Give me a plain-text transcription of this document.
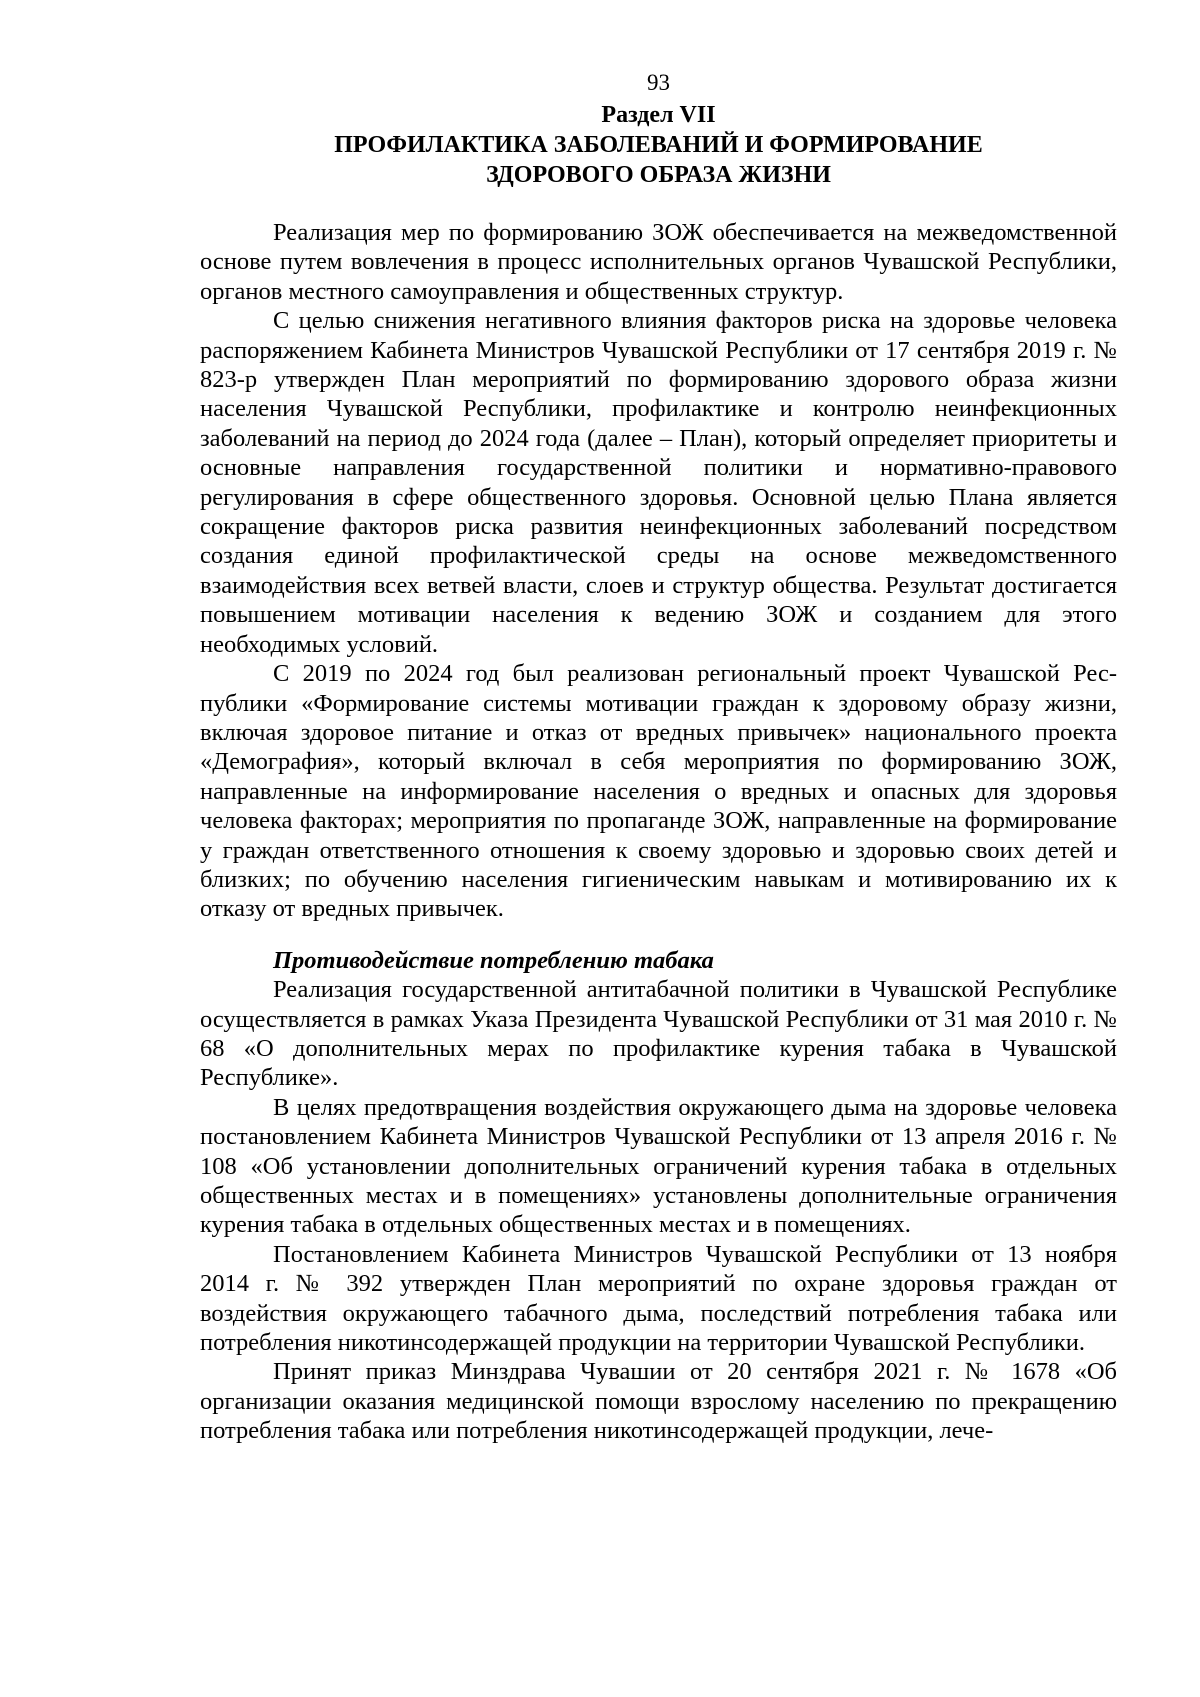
93
Раздел VII
ПРОФИЛАКТИКА ЗАБОЛЕВАНИЙ И ФОРМИРОВАНИЕ
ЗДОРОВОГО ОБРАЗА ЖИЗНИ

Реализация мер по формированию ЗОЖ обеспечивается на межведомственной основе путем вовлечения в процесс исполнительных органов Чувашской Республики, органов местного самоуправления и общественных структур.

С целью снижения негативного влияния факторов риска на здоровье человека распоряжением Кабинета Министров Чувашской Республики от 17 сентября 2019 г. № 823-р утвержден План мероприятий по формированию здорового образа жизни населения Чувашской Республики, профилактике и контролю неинфекционных заболеваний на период до 2024 года (далее – План), который определяет приоритеты и основные направления государственной политики и нормативно-правового регулирования в сфере общественного здоровья. Основной целью Плана является сокращение факторов риска развития неинфекционных заболеваний посредством создания единой профилактической среды на основе межведомственного взаимодействия всех ветвей власти, слоев и структур общества. Результат достигается повышением мотивации населения к ведению ЗОЖ и созданием для этого необходимых условий.

С 2019 по 2024 год был реализован региональный проект Чувашской Республики «Формирование системы мотивации граждан к здоровому образу жизни, включая здоровое питание и отказ от вредных привычек» национального проекта «Демография», который включал в себя мероприятия по формированию ЗОЖ, направленные на информирование населения о вредных и опасных для здоровья человека факторах; мероприятия по пропаганде ЗОЖ, направленные на формирование у граждан ответственного отношения к своему здоровью и здоровью своих детей и близких; по обучению населения гигиеническим навыкам и мотивированию их к отказу от вредных привычек.

Противодействие потреблению табака

Реализация государственной антитабачной политики в Чувашской Республике осуществляется в рамках Указа Президента Чувашской Республики от 31 мая 2010 г. № 68 «О дополнительных мерах по профилактике курения табака в Чувашской Республике».

В целях предотвращения воздействия окружающего дыма на здоровье человека постановлением Кабинета Министров Чувашской Республики от 13 апреля 2016 г. № 108 «Об установлении дополнительных ограничений курения табака в отдельных общественных местах и в помещениях» установлены дополнительные ограничения курения табака в отдельных общественных местах и в помещениях.

Постановлением Кабинета Министров Чувашской Республики от 13 ноября 2014 г. № 392 утвержден План мероприятий по охране здоровья граждан от воздействия окружающего табачного дыма, последствий потребления табака или потребления никотинсодержащей продукции на территории Чувашской Республики.

Принят приказ Минздрава Чувашии от 20 сентября 2021 г. № 1678 «Об организации оказания медицинской помощи взрослому населению по прекращению потребления табака или потребления никотинсодержащей продукции, лече-
